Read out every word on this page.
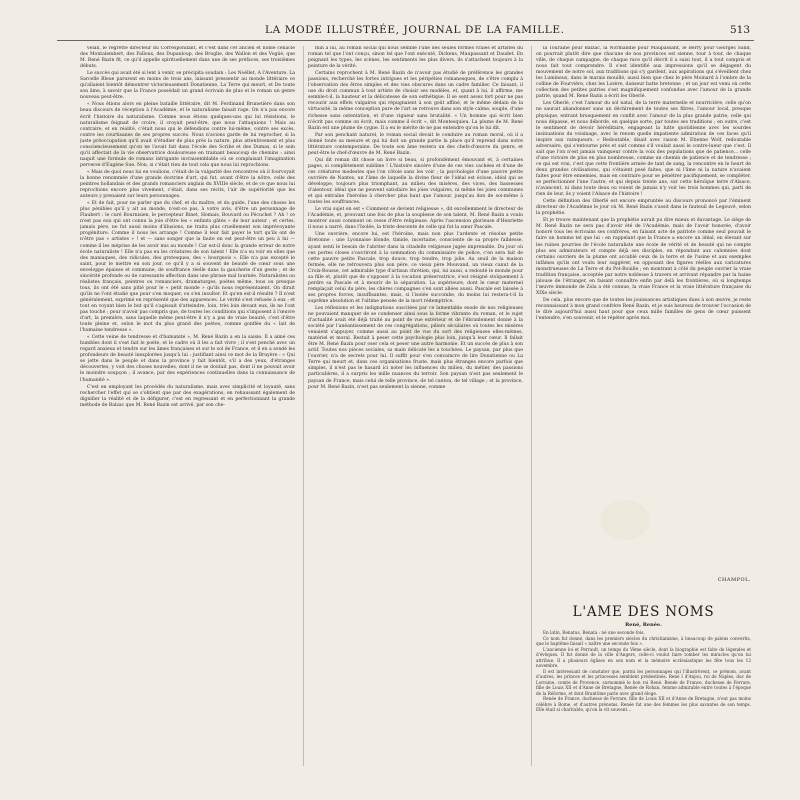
LA MODE ILLUSTRÉE, JOURNAL DE LA FAMILLE.	513

velan, le regretté directeur du Correspondant, et c'est dans cet ancien et noble cénacle des Montalembert, des Falloux, des Dupanloup, des Broglie, des Wallon et des Vogüé, que M. René Bazin fit, ce qu'il appelle spirituellement dans une de ses préfaces, ses troisièmes débuts.

Le succès qui avait été si lent à venir, se précipita soudain : Les Noëllet, A l'Aventure, La Sarcelle Bleue parurent en moins de trois ans, laissant pressentir au monde littéraire ce qu'allaient bientôt démontrer victorieusement Donatienne, La Terre qui meurt, et De toute son âme, à savoir que la France possédait un grand écrivain de plus et le roman un genre nouveau peut-être.

« Nous étions alors en pleine bataille littéraire, dit M. Ferdinand Brunetière dans son beau discours de réception à l'Académie, et le naturalisme faisait rage. On n'a pas encore écrit l'histoire du naturalisme. Comme nous étions quelques-uns qui lui résistions, le naturalisme feignait de croire, il croyait peut-être, que nous l'attaquions ! Mais au contraire, et en réalité, c'était nous qui le défendions contre lui-même, contre ses excès, contre les courtisanes de ses propres succès. Nous n'avions garde de lui reprocher, si la juste préoccupation qu'il avait d'étudier de plus près la nature, plus attentivement et plus consciencieusement qu'on ne l'avait fait dans l'école des Scribe et des Dumas, si le soin qu'il affectait de la vie observatrice douloureuse en trainant beaucoup de chemins : ainsi naquit une formule de romans intrigante invraisemblable où se complaisait l'imagination perverse d'Eugène Sue. Non, si c'était rien de tout cela que nous lui reprochions.

« Mais de quoi nous lui en voulions, c'était de la vulgarité des rencontres où il fourvoyait la bonne renommée d'une grande doctrine d'art, qui fut, avant d'être la nôtre, celle des peintres hollandais et des grands romanciers anglais du XVIIIe siècle, et de ce que nous lui reprochions encore plus vivement, c'était, dans ses récits, l'air de supériorité que les auteurs y prenaient sur leurs personnages.

« Et de fait, pour ne parler que du chef, et du maître, et du guide, l'une des choses les plus pénibles qu'il y ait au monde, n'est-ce pas, à votre avis, d'être un personnage de Flaubert : le curé Bournisien, le percepteur Binet, Homais, Bouvard ou Pécuchet ? Ah ! ce n'est pas eux qui ont connu la joie d'être les « enfants gâtés » de leur auteur ; et certes, jamais père, ne fut aussi moins d'illusions, ne traita plus cruellement son imprévoyante progéniture. Comme il nous les arrange ! Comme il leur fait payer le tort qu'ils ont de n'être pas « artistes » ! et — sans songer que la faute en est peut-être un peu à lui — comme il les méprise de les avoir mis au monde ! Car est-il donc la grande erreur de notre école naturaliste ! Elle n'a pas eu les créatures de son talent ! Elle n'a su voir en elles que des maniaques, des ridicules, des grotesques, des « bourgeois ». Elle n'a pas excepté le saint, pour le mettre en son jour, ce qu'il y a si souvent de beauté de cœur sous une enveloppe épaisse et commune, de souffrance réelle dans la gaucherie d'un geste ; et de sincérité profonde ou de caressante affection dans une phrase mal tournée. Naturalistes ou réalistes français, peintres ou romanciers, dramaturges, poètes même, tous ou presque tous, ils ont été sans pitié pour le « petit monde » qu'ils nous représentaient. On dirait qu'ils ne l'ont étudié que pour s'en moquer, ou s'en insulter. Et qu'en est-il résulté ? Il n'est généralement, exprimé en représenté que des apparences. Le vérité s'est refusée à eux ; et tout en voyant bien le but qu'il s'agissait d'atteindre, loin, très loin devant eux, ils ne l'ont pas touché ; pour n'avoir pas compris que, de toutes les conditions qui s'imposent à l'œuvre d'art, la première, sans laquelle même peut-être il n'y a pas de vraie beauté, c'est d'être toute pleine et, selon le mot du plus grand des poètes, comme gonflée du « lait de l'humaine tendresse ».

« Cette veine de tendresse et d'humanité », M. René Bazin a en la saisie. Il a aimé ces humbles dont il s'est fait le poète, et le cadre où il les a fait vivre ; il s'est penché avec un regard anxieux et tendre sur les âmes françaises et sur le sol de France, et il en a sondé les profondeurs de beauté inexplorées jusqu'à lui : justifiant ainsi ce mot de la Bruyère : « Qui se jette dans le peuple et dans la province y fait bientôt, s'il a des yeux, d'étranges découvertes, y voit des choses nouvelles, dont il ne se doutait pas, dont il ne pouvait avoir le moindre soupçon ; il avance, par des expériences continuelles dans la connaissance de l'humanité ».

C'est en employant les procédés du naturalisme, mais avec simplicité et loyauté, sans rechercher l'effet qui se s'obtient que par des exagérations, en rehaussant également de dignifier la réalité et de la défigurer, c'est en regressant et en perfectionnant la grande méthode de Balzac que M. René Bazin est arrivé, par son che-

min à lui, au roman social qui nous semble l'une des seules formes vraies et artistes du roman tel que l'ont conçu, sinon tel que l'ont exécuté, Dickens, Maupassant et Daudet. En peignant les types, les scènes, les sentiments les plus divers, ils s'attachent toujours à la peinture de la vérité.

Certains reprochent à M. René Bazin de n'avoir pas étudié de préférence les grandes passions, recherché les fortes intrigues et les péripéties romanesques, de s'être complu à l'observation des êtres simples et des vies obscures dans un cadre familier. Ce faisant, il use du droit commun à tout artiste de choisir ses modèles, et, quant à lui, il affirme, me semble-t-il, la hauteur et la délicatesse de son esthétique. Il se sent assez fort pour ne pas recourir aux effets vulgaires qui répugnaient à son goût affiné, et le même dédain de la virtuosité, la même conception pure de l'art se retrouve dans son style calme, souple, d'une richesse sans ostentation, et d'une vigueur sans brutalité. « Un homme qui écrit bien n'écrit pas comme on écrit, mais comme il écrit », dit Montesquieu. La plume de M. René Bazin est une plume de cygne. Il a eu le mérite de ne pas entendre qu'on le lui dit.

Par son penchant naturel, le roman social devait le conduire au roman moral, où il a donné toute sa mesure et qui lui doit un grande partie la place qu'il reprend dans notre littérature contemporaine. De toute son âme restera un des chefs-d'œuvre du genre, et peut-être le chef-d'œuvre de M. René Bazin.

Qui dit roman dit chose un livre si beau, si profondément émouvant et, à certaines pages, si complètement sublime ! L'histoire sincère d'une de ces vies cachées et d'une de ces créatures modestes que l'on côtoie sans les voir ; la psychologie d'une pauvre petite ouvrière de Nantes, un l'âme de laquelle la divine fleur de l'idéal est éclose, idéal qui se développe, toujours plus triomphant, au milieu des misères, des vices, des bassesses d'alentour, idéal que ne peuvent satisfaire les joies vulgaires, ni même les joies communes et qui entraîne l'héroïne à chercher plus haut que l'amour, jusqu'au don de soi-même à toutes les souffrances.

Le vrai sujet en est « Comment se devient religieuse », dit excellemment le directeur de l'Académie, et, prouvant une fois de plus la souplesse de son talent, M. René Bazin a voulu montrer aussi comment on cesse d'être religieuse. Après l'ascension glorieuse d'Henriette il nous a narré, dans l'Isolée, la triste descente de celle qui fut la sœur Pascale.

Une ouvrière, encore lui, est l'héroïne, mais non plus l'ardente et résolue petite Bretonne : une Lyonnaise blonde, timide, incertaine, consciente de sa propre faiblesse, ayant senti le besoin de l'abriter dans la citadelle religieuse jugée imprenable. Du jour où ces portes closes s'ouvriront à la sommation du commissaire de police, c'en sera fait de cette pauvre petite Pascale, trop douce, trop tendre, trop jolie. Au seuil de la maison fermée, elle ne retrouvera plus son père, ce vieux père Mouvand, un vieux canut de la Croix-Rousse, cet admirable type d'artisan chrétien, qui, lui aussi, a redouté le monde pour sa fille et, plutôt que de s'opposer à la vocation préservatrice, s'est résigné stoïquement à perdre sa Pascale et à mourir de la séparation. La supérieure, dont le cœur maternel remplaçait celui du père, les chères compagnes s'en sont allées aussi. Pascale est laissée à ses propres forces, insuffisantes, mais, si l'isolée succombe, du moins lui restera-t-il la suprême absolution et l'ultime pensée de la mort rédemptrice.

Les réflexions et les indignations suscitées par ce lamentable exode de nos religieuses ne pouvaient manquer de se condenser ainsi sous la forme vibrante du roman, et le sujet d'actualité avait été déjà traité au point de vue extérieur et de l'ébranlement donné à la société par l'anéantissement de ces congrégations, piliers séculaires où toutes les misères venaient s'appuyer, comme aussi au point de vue du sort des religieuses elles-mêmes, matériel et moral. Restait à peser cette psychologie plus loin, jusqu'à leur cœur. Il fallait être M. René Bazin pour oser cela et peser une autre harmonie. Et un succès de plus à son actif. Toutes nos pièces sociales, sa main délicate les a touchées. Le paysan, par plus que l'ouvrier, n'a de secrets pour lui. Il suffit pour s'en convaincre de lire Donatienne ou La Terre qui meurt et, dans ces organisations fruste, mais plus étranges encore parfois que simples, il n'est pas le hasard ici noter les influences du milieu, du métier, des passions particulières, il a surpris les mille nuances du terroir. Son paysan n'est pas seulement le paysan de France, mais celui de telle province, de tel canton, de tel village ; et la province, pour M. René Bazin, n'est pas seulement la sienne, comme

la Touraine pour Balzac, la Normandie pour Maupassant, le Berry pour Georges Sand, on pourrait plutôt dire que chacune de nos provinces est sienne, tour à tour, de chaque ville, de chaque campagne, de chaque race qu'il décrit il a saisi tout, il a tout compris et nous fait tout comprendre. Il s'est identifié aux impressions qu'il se dégagent du mouvement de notre sol, aux traditions qui s'y gardent, aux aspirations qui s'éveillent chez les Lumineux, dans le marais mouillé, aussi bien que chez le père Moinard à l'ombre de la colline de Fourvière, chez les Lozère, danseur batte bretonne ; et un jour est venu où cette collection des petites patries s'est magnifiquement confondue avec l'amour de la grande patrie, quand M. René Bazin a écrit les Oberlé.

Les Oberlé, c'est l'amour du sol natal, de la terre maternelle et nourricière, celle qu'on ne saurait abandonner sans un déchirement de toutes ses fibres, l'amour local, presque physique, entrant brusquement en conflit avec l'amour de la plus grande patrie, celle qui nous dépasse, et nous déborde, en quelque sorte, par toutes ses traditions ; en outre, c'est le sentiment de devoir héréditaire, engageant la lutte quotidienne avec les sourdes insinuations du voisinage, avec le renom quelle impatiente admiration de ces faces qu'il inspire aux vainqueurs. « Redoutable, disait avec raison M. Etienne Wolf, redoutable adversaire, qui s'entourne près et sait comme s'il voulait aussi le contre-lueur que c'est. Il sait que l'on n'est jamais vainqueur contre la voix des populations que de patience... celle d'une victoire de plus en plus nombreuse, comme un chemin de patience et de tendresse ; ce qui est vrai, c'est que cette frontière armée de tant de sang, la rencontre en le heurt de deux grandes civilisations, qui s'étaient pesé faites, que ni l'âme ni la nature n'avaient faites pour être ennemies, mais en contraire pour se pénétrer pacifiquement, se compléter, se perfectionner l'une l'autre, et qui depuis trente ans, sur cette héroïque terre d'Alsace, n'avancent, ni dans toute deux ou voient de jamais n'y voir les trois hommes qui, parti de rien de leur, ils y voient l'Alsace de l'histoire !

Cette définition des Oberlé est encore empruntée au discours prononcé par l'éminent directeur de l'Académie le jour où M. René Bazin s'assit dans le fauteuil de Legouvé, selon la prophétie.

Et je trouve maintenant que la prophétie aurait pu dire mieux et davantage. Le siège de M. René Bazin ne sera pas d'avoir été de l'Académie, mais de l'avoir honorée, d'avoir honoré tous les écrivains ses confrères, en faisant acte de patriote comme seul pouvait le faire un homme tel que lui : en rappelant que la France a encore un idéal, en élevant sur les ruines pourries de l'école naturaliste une école de vérité et de beauté qui ne compte plus ses admirateurs et compte déjà ses disciples, en répondant aux calomnies dont certains ouvriers de la plume ont accablé ceux de la terre et de l'usine et aux exemples infâmes qu'ils ont voulu leur suggérer, en opposant des figures réelles aux caricatures monstrueuses de La Terre et du Pot-Bouille ; en montrant à côté du peuple ouvrier la vraie tradition française, acceptée par notre noblesse à travers et arrivant répandre par la haine jalouse de l'étranger, en faisant connaître enfin par delà les frontières, où si longtemps l'œuvre immonde de Zola a été connue, la vraie France et la vraie littérature française du XIXe siècle.

De cela, plus encore que de toutes les jouissances artistiques dues à son œuvre, je reste reconnaissant à mon grand confrère René Bazin, et je suis heureux de trouver l'occasion de le dire aujourd'hui aussi haut pour que ceux mille familles de gens de cœur puissent l'entendre, s'en souvenir, et le répéter après moi.

CHAMPOL.
L'AME DES NOMS
René, Renée.

En latin, Renatus, Renata : né une seconde fois.

Ce nom fut donné, dans les premiers siècles du christianisme, à beaucoup de païens convertis, que le baptême faisait « naître une seconde fois ».

L'ancienne loi et Perrault, un temps du Vème siècle, dont la biographie est faite de légendes et d'évêques. Il fut donné de la ville d'Angers, celle-ci voulut faire tomber les miracles qu'on lui attribue. Il a plusieurs églises en son nom et la mémoire ecclésiastique les fête tous les 12 novembre.

Il est intéressant de constater que, parmi les personnages qui l'illustrèrent, ce prénom, avant d'autres, les princes et les princesses semblent prédestinés. René I d'Anjou, roi de Naples, duc de Lorraine, comte de Provence, surnommé le bon roi René. Renée de France, duchesse de Ferrare, fille de Louis XII et d'Anne de Bretagne, Renée de Rohan, femme admirable entre toutes à l'époque de la Réforme, et dont Brantôme parle avec grand éloge.

Renée de France, duchesse de Ferrare, fille de Louis XII et d'Anne de Bretagne, n'eut pas moins célèbre à Rome, et d'autres prénoms. Renée fut une des femmes les plus savantes de son temps. Elle était si charitable, qu'on la vit souvent...
